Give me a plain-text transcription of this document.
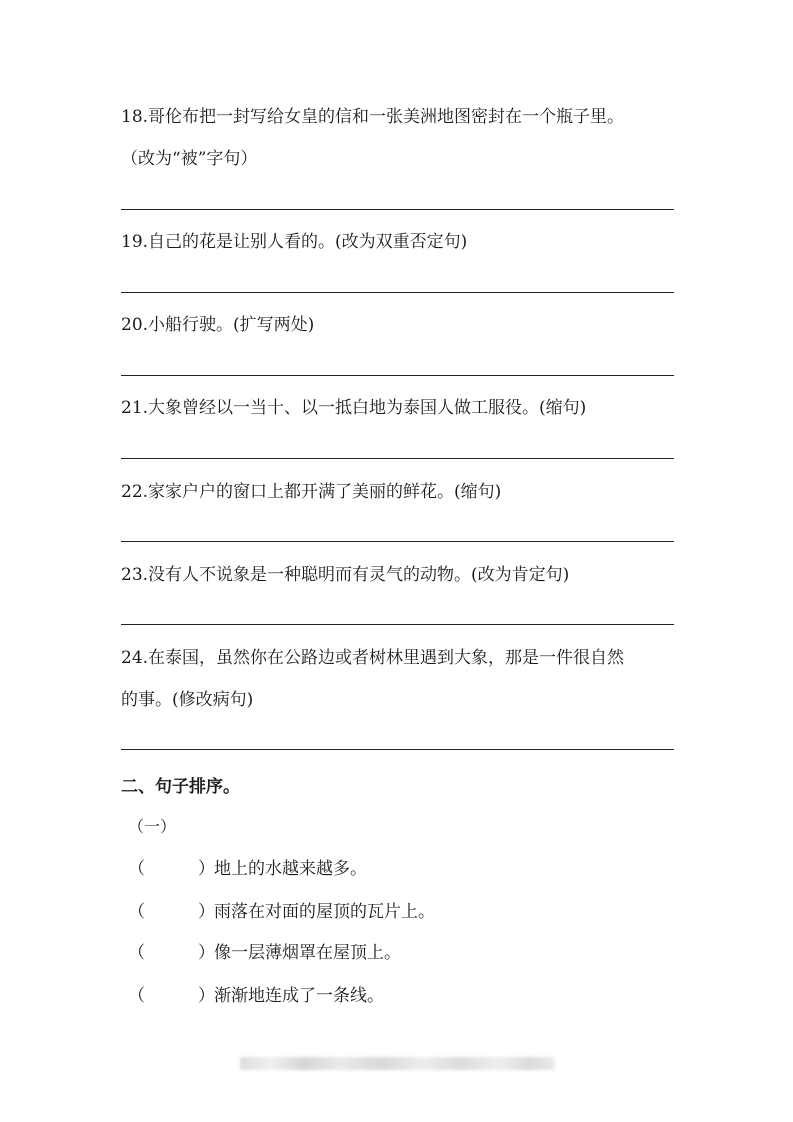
18.哥伦布把一封写给女皇的信和一张美洲地图密封在一个瓶子里。
（改为“被”字句）
19.自己的花是让别人看的。(改为双重否定句)
20.小船行驶。(扩写两处)
21.大象曾经以一当十、以一抵白地为泰国人做工服役。(缩句)
22.家家户户的窗口上都开满了美丽的鲜花。(缩句)
23.没有人不说象是一种聪明而有灵气的动物。(改为肯定句)
24.在泰国，虽然你在公路边或者树林里遇到大象，那是一件很自然
的事。(修改病句)
二、句子排序。
（一）
（	）地上的水越来越多。
（	）雨落在对面的屋顶的瓦片上。
（	）像一层薄烟罩在屋顶上。
（	）渐渐地连成了一条线。
